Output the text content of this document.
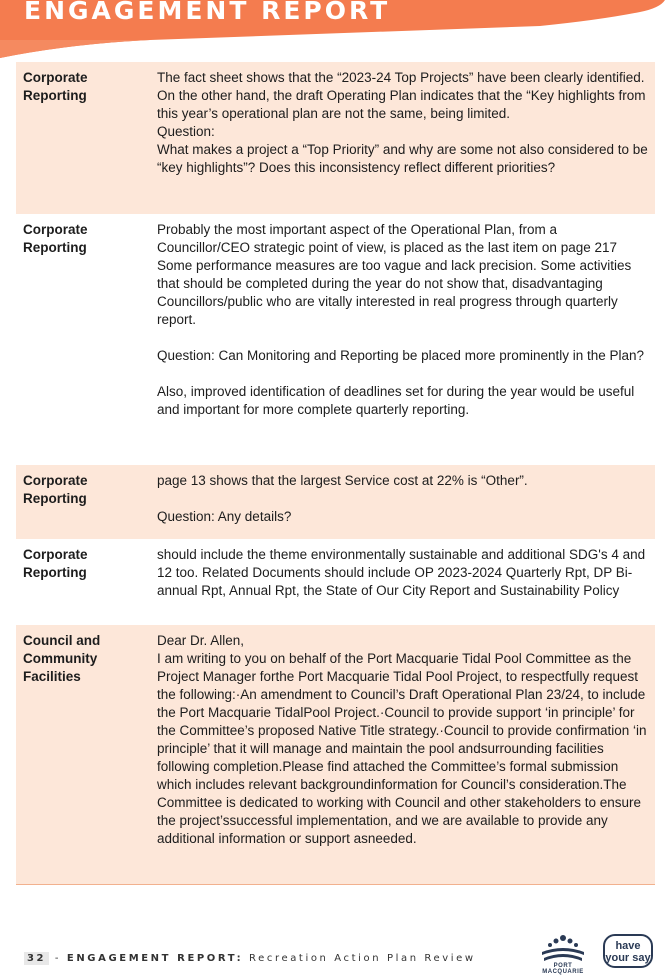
ENGAGEMENT REPORT
Corporate
Reporting
The fact sheet shows that the “2023-24 Top Projects” have been clearly identified. On the other hand, the draft Operating Plan indicates that the “Key highlights from this year’s operational plan are not the same, being limited.
Question:
What makes a project a “Top Priority” and why are some not also considered to be “key highlights”? Does this inconsistency reflect different priorities?
Corporate
Reporting
Probably the most important aspect of the Operational Plan, from a Councillor/CEO strategic point of view, is placed as the last item on page 217
Some performance measures are too vague and lack precision. Some activities that should be completed during the year do not show that, disadvantaging Councillors/public who are vitally interested in real progress through quarterly report.

Question: Can Monitoring and Reporting be placed more prominently in the Plan?

Also, improved identification of deadlines set for during the year would be useful and important for more complete quarterly reporting.
Corporate
Reporting
page 13 shows that the largest Service cost at 22% is “Other”.

Question: Any details?
Corporate
Reporting
should include the theme environmentally sustainable and additional SDG's 4 and 12 too. Related Documents should include OP 2023-2024 Quarterly Rpt, DP Bi-annual Rpt, Annual Rpt, the State of Our City Report and Sustainability Policy
Council and
Community
Facilities
Dear Dr. Allen,
I am writing to you on behalf of the Port Macquarie Tidal Pool Committee as the Project Manager forthe Port Macquarie Tidal Pool Project, to respectfully request the following:·An amendment to Council’s Draft Operational Plan 23/24, to include the Port Macquarie TidalPool Project.·Council to provide support ‘in principle’ for the Committee’s proposed Native Title strategy.·Council to provide confirmation ‘in principle’ that it will manage and maintain the pool andsurrounding facilities following completion.Please find attached the Committee’s formal submission which includes relevant backgroundinformation for Council’s consideration.The Committee is dedicated to working with Council and other stakeholders to ensure the project’ssuccessful implementation, and we are available to provide any additional information or support asneeded.
32 - ENGAGEMENT REPORT: Recreation Action Plan Review
PORT MACQUARIE
have
your say
